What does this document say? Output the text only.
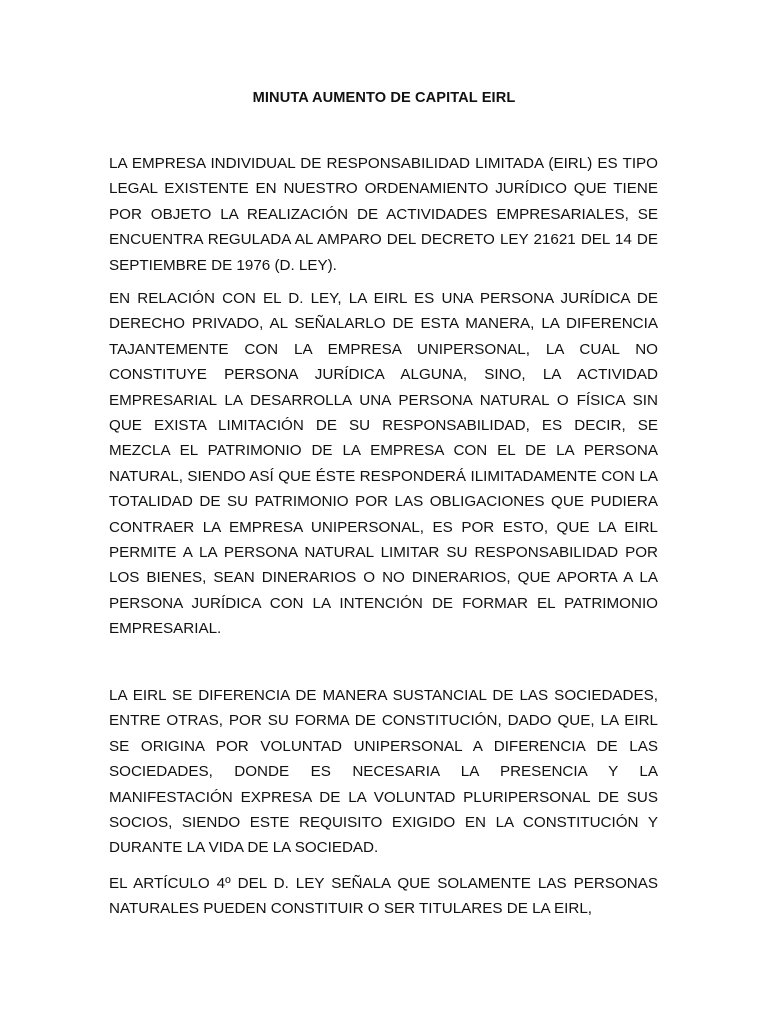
MINUTA AUMENTO DE CAPITAL EIRL

LA EMPRESA INDIVIDUAL DE RESPONSABILIDAD LIMITADA (EIRL) ES TIPO LEGAL EXISTENTE EN NUESTRO ORDENAMIENTO JURÍDICO QUE TIENE POR OBJETO LA REALIZACIÓN DE ACTIVIDADES EMPRESARIALES, SE ENCUENTRA REGULADA AL AMPARO DEL DECRETO LEY 21621 DEL 14 DE SEPTIEMBRE DE 1976 (D. LEY).

EN RELACIÓN CON EL D. LEY, LA EIRL ES UNA PERSONA JURÍDICA DE DERECHO PRIVADO, AL SEÑALARLO DE ESTA MANERA, LA DIFERENCIA TAJANTEMENTE CON LA EMPRESA UNIPERSONAL, LA CUAL NO CONSTITUYE PERSONA JURÍDICA ALGUNA, SINO, LA ACTIVIDAD EMPRESARIAL LA DESARROLLA UNA PERSONA NATURAL O FÍSICA SIN QUE EXISTA LIMITACIÓN DE SU RESPONSABILIDAD, ES DECIR, SE MEZCLA EL PATRIMONIO DE LA EMPRESA CON EL DE LA PERSONA NATURAL, SIENDO ASÍ QUE ÉSTE RESPONDERÁ ILIMITADAMENTE CON LA TOTALIDAD DE SU PATRIMONIO POR LAS OBLIGACIONES QUE PUDIERA CONTRAER LA EMPRESA UNIPERSONAL, ES POR ESTO, QUE LA EIRL PERMITE A LA PERSONA NATURAL LIMITAR SU RESPONSABILIDAD POR LOS BIENES, SEAN DINERARIOS O NO DINERARIOS, QUE APORTA A LA PERSONA JURÍDICA CON LA INTENCIÓN DE FORMAR EL PATRIMONIO EMPRESARIAL.

LA EIRL SE DIFERENCIA DE MANERA SUSTANCIAL DE LAS SOCIEDADES, ENTRE OTRAS, POR SU FORMA DE CONSTITUCIÓN, DADO QUE, LA EIRL SE ORIGINA POR VOLUNTAD UNIPERSONAL A DIFERENCIA DE LAS SOCIEDADES, DONDE ES NECESARIA LA PRESENCIA Y LA MANIFESTACIÓN EXPRESA DE LA VOLUNTAD PLURIPERSONAL DE SUS SOCIOS, SIENDO ESTE REQUISITO EXIGIDO EN LA CONSTITUCIÓN Y DURANTE LA VIDA DE LA SOCIEDAD.

EL ARTÍCULO 4º DEL D. LEY SEÑALA QUE SOLAMENTE LAS PERSONAS NATURALES PUEDEN CONSTITUIR O SER TITULARES DE LA EIRL,
